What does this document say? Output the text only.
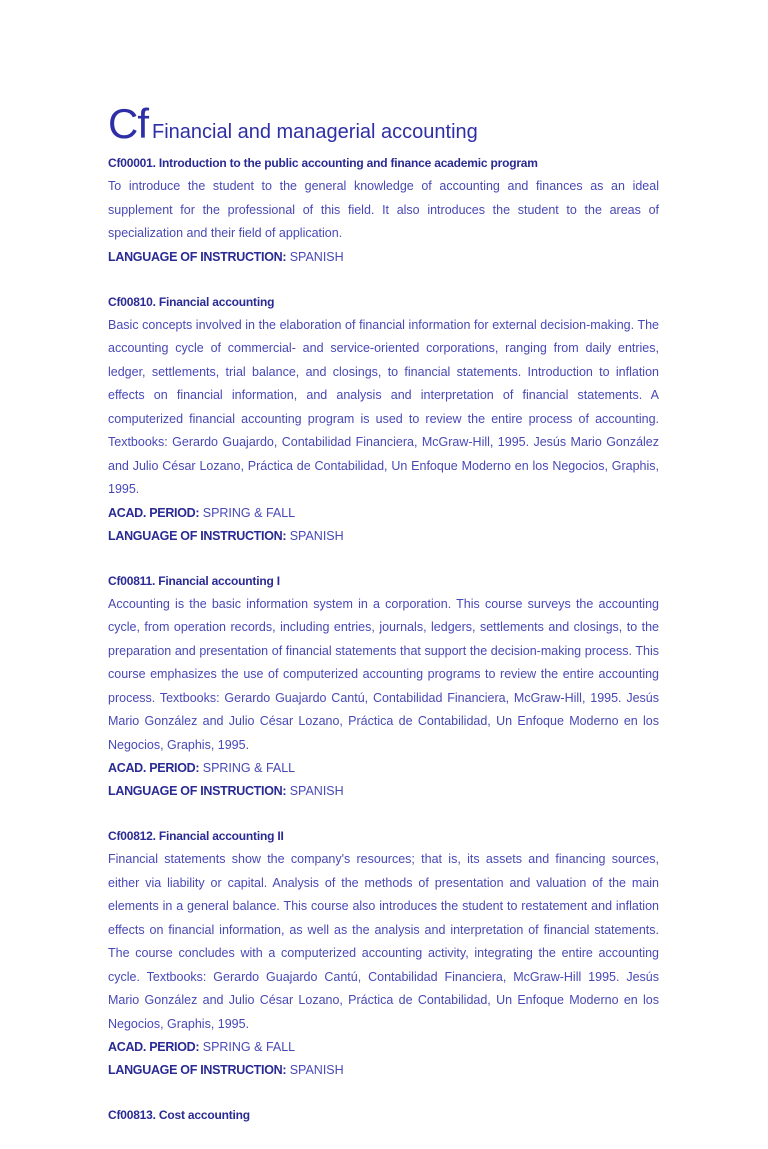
Cf Financial and managerial accounting
Cf00001. Introduction to the public accounting and finance academic program

To introduce the student to the general knowledge of accounting and finances as an ideal supplement for the professional of this field. It also introduces the student to the areas of specialization and their field of application.

LANGUAGE OF INSTRUCTION: SPANISH
Cf00810. Financial accounting

Basic concepts involved in the elaboration of financial information for external decision-making. The accounting cycle of commercial- and service-oriented corporations, ranging from daily entries, ledger, settlements, trial balance, and closings, to financial statements. Introduction to inflation effects on financial information, and analysis and interpretation of financial statements. A computerized financial accounting program is used to review the entire process of accounting. Textbooks: Gerardo Guajardo, Contabilidad Financiera, McGraw-Hill, 1995. Jesús Mario González and Julio César Lozano, Práctica de Contabilidad, Un Enfoque Moderno en los Negocios, Graphis, 1995.

ACAD. PERIOD: SPRING & FALL
LANGUAGE OF INSTRUCTION: SPANISH
Cf00811. Financial accounting I

Accounting is the basic information system in a corporation. This course surveys the accounting cycle, from operation records, including entries, journals, ledgers, settlements and closings, to the preparation and presentation of financial statements that support the decision-making process. This course emphasizes the use of computerized accounting programs to review the entire accounting process. Textbooks: Gerardo Guajardo Cantú, Contabilidad Financiera, McGraw-Hill, 1995. Jesús Mario González and Julio César Lozano, Práctica de Contabilidad, Un Enfoque Moderno en los Negocios, Graphis, 1995.

ACAD. PERIOD: SPRING & FALL
LANGUAGE OF INSTRUCTION: SPANISH
Cf00812. Financial accounting II

Financial statements show the company's resources; that is, its assets and financing sources, either via liability or capital. Analysis of the methods of presentation and valuation of the main elements in a general balance. This course also introduces the student to restatement and inflation effects on financial information, as well as the analysis and interpretation of financial statements. The course concludes with a computerized accounting activity, integrating the entire accounting cycle. Textbooks: Gerardo Guajardo Cantú, Contabilidad Financiera, McGraw-Hill 1995. Jesús Mario González and Julio César Lozano, Práctica de Contabilidad, Un Enfoque Moderno en los Negocios, Graphis, 1995.

ACAD. PERIOD: SPRING & FALL
LANGUAGE OF INSTRUCTION: SPANISH
Cf00813. Cost accounting
